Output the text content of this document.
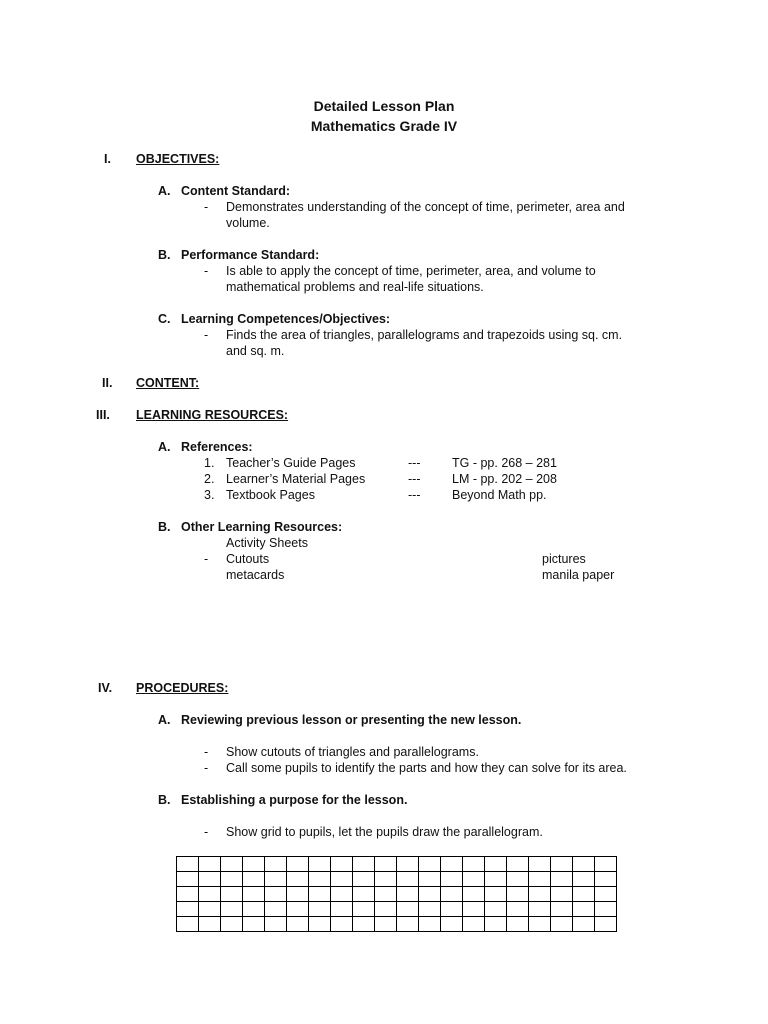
Detailed Lesson Plan
Mathematics Grade IV
I. OBJECTIVES:
A. Content Standard:
- Demonstrates understanding of the concept of time, perimeter, area and
volume.
B. Performance Standard:
- Is able to apply the concept of time, perimeter, area, and volume to
mathematical problems and real-life situations.
C. Learning Competences/Objectives:
- Finds the area of triangles, parallelograms and trapezoids using sq. cm.
and sq. m.
II. CONTENT:
III. LEARNING RESOURCES:
A. References:
1. Teacher’s Guide Pages	---	TG - pp. 268 – 281
2. Learner’s Material Pages	---	LM - pp. 202 – 208
3. Textbook Pages	---	Beyond Math pp.
B. Other Learning Resources:
Activity Sheets
- Cutouts	pictures
metacards	manila paper
IV. PROCEDURES:
A. Reviewing previous lesson or presenting the new lesson.
- Show cutouts of triangles and parallelograms.
- Call some pupils to identify the parts and how they can solve for its area.
B. Establishing a purpose for the lesson.
- Show grid to pupils, let the pupils draw the parallelogram.
